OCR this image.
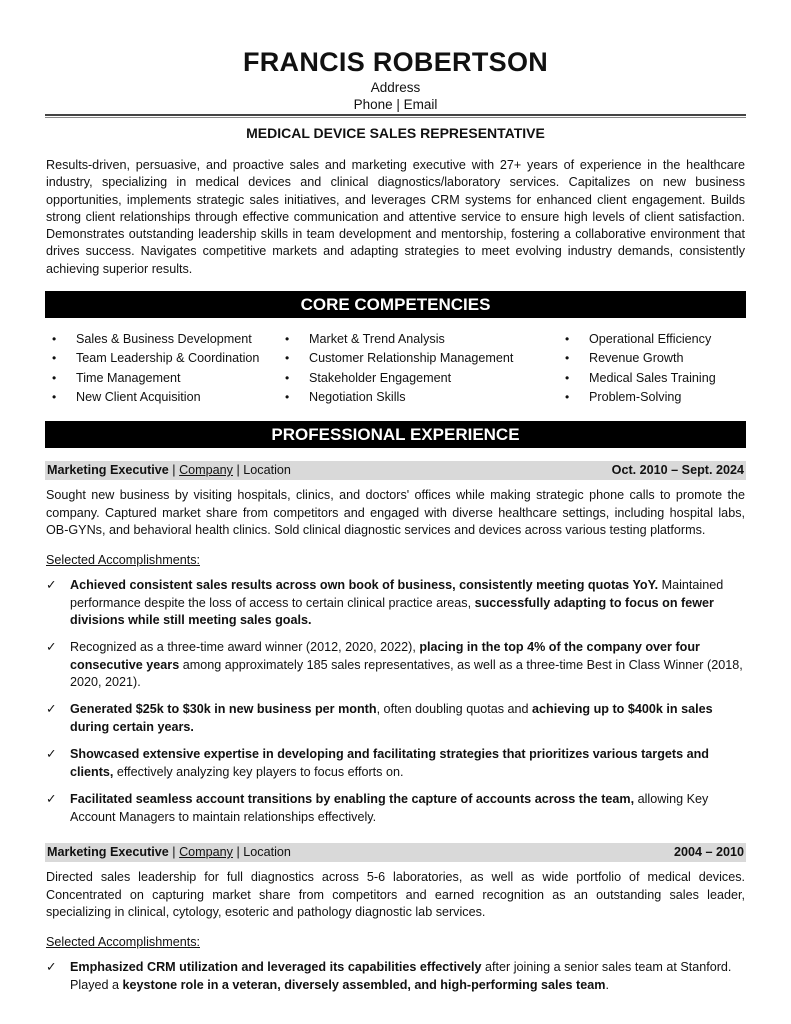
FRANCIS ROBERTSON
Address
Phone | Email
MEDICAL DEVICE SALES REPRESENTATIVE
Results-driven, persuasive, and proactive sales and marketing executive with 27+ years of experience in the healthcare industry, specializing in medical devices and clinical diagnostics/laboratory services. Capitalizes on new business opportunities, implements strategic sales initiatives, and leverages CRM systems for enhanced client engagement. Builds strong client relationships through effective communication and attentive service to ensure high levels of client satisfaction. Demonstrates outstanding leadership skills in team development and mentorship, fostering a collaborative environment that drives success. Navigates competitive markets and adapting strategies to meet evolving industry demands, consistently achieving superior results.
CORE COMPETENCIES
•	Sales & Business Development
•	Team Leadership & Coordination
•	Time Management
•	New Client Acquisition
•	Market & Trend Analysis
•	Customer Relationship Management
•	Stakeholder Engagement
•	Negotiation Skills
•	Operational Efficiency
•	Revenue Growth
•	Medical Sales Training
•	Problem-Solving
PROFESSIONAL EXPERIENCE
Marketing Executive | Company | Location	Oct. 2010 – Sept. 2024
Sought new business by visiting hospitals, clinics, and doctors' offices while making strategic phone calls to promote the company. Captured market share from competitors and engaged with diverse healthcare settings, including hospital labs, OB-GYNs, and behavioral health clinics. Sold clinical diagnostic services and devices across various testing platforms.
Selected Accomplishments:
✓	Achieved consistent sales results across own book of business, consistently meeting quotas YoY. Maintained performance despite the loss of access to certain clinical practice areas, successfully adapting to focus on fewer divisions while still meeting sales goals.
✓	Recognized as a three-time award winner (2012, 2020, 2022), placing in the top 4% of the company over four consecutive years among approximately 185 sales representatives, as well as a three-time Best in Class Winner (2018, 2020, 2021).
✓	Generated $25k to $30k in new business per month, often doubling quotas and achieving up to $400k in sales during certain years.
✓	Showcased extensive expertise in developing and facilitating strategies that prioritizes various targets and clients, effectively analyzing key players to focus efforts on.
✓	Facilitated seamless account transitions by enabling the capture of accounts across the team, allowing Key Account Managers to maintain relationships effectively.
Marketing Executive | Company | Location	2004 – 2010
Directed sales leadership for full diagnostics across 5-6 laboratories, as well as wide portfolio of medical devices. Concentrated on capturing market share from competitors and earned recognition as an outstanding sales leader, specializing in clinical, cytology, esoteric and pathology diagnostic lab services.
Selected Accomplishments:
✓	Emphasized CRM utilization and leveraged its capabilities effectively after joining a senior sales team at Stanford. Played a keystone role in a veteran, diversely assembled, and high-performing sales team.
